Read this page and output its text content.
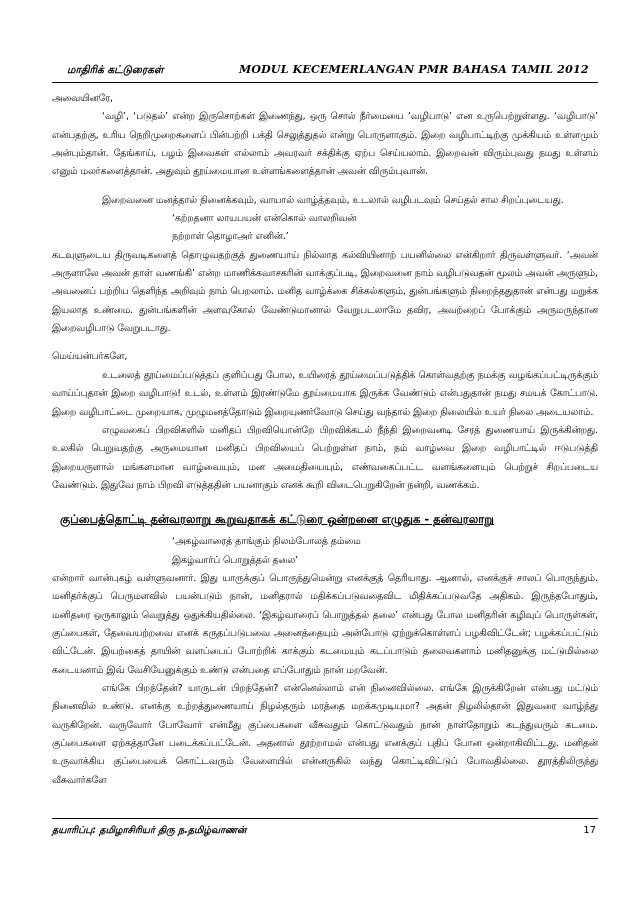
மாதிரிக் கட்டுரைகள்	MODUL KECEMERLANGAN PMR BAHASA TAMIL 2012

அவையினரே,

‘வழி’, ‘படுதல்’ என்ற இருசொற்கள் இணைந்து, ஒரு சொல் நீர்மையை ‘வழிபாடு’ என உருபெற்றுள்ளது. ‘வழிபாடு’ என்பதற்கு, உரிய நெறிமுறைகளைப் பின்பற்றி பக்தி செலுத்துதல் என்று பொருளாகும். இறை வழிபாட்டிற்கு முக்கியம் உள்ளமும் அன்பும்தான். தேங்காய், பழம் இவைகள் எல்லாம் அவரவர் சக்திக்கு ஏற்ப செய்யலாம். இறைவன் விரும்புவது நமது உள்ளம் எனும் மலர்களைத்தான். அதுவும் தூய்மையான உள்ளங்களைத்தான் அவன் விரும்புவான்.

இறைவனை மனத்தால் நினைக்கவும், வாயால் வாழ்த்தவும், உடலால் வழிபடவும் செய்தல் சால சிறப்புடையது.

‘கற்றதனா லாயபயன் என்கொல் வாலறிவன்
நற்றாள் தொழாஅர் எனின்.’

கடவுளுடைய திருவடிகளைத் தொழுவதற்குத் துணையாய் நில்லாத கல்வியினாற் பயனில்லை என்கிறார் திருவள்ளுவர். ‘அவன் அருளாலே அவன் தாள் வணங்கி’ என்ற மாணிக்கவாசகரின் வாக்குப்படி, இறைவனை நாம் வழிபடுவதன் மூலம் அவன் அருளும், அவனைப் பற்றிய தெளிந்த அறிவும் நாம் பெறலாம். மனித வாழ்க்கை சிக்கல்களும், துன்பங்களும் நிறைந்ததுதான் என்பது மறுக்க இயலாத உண்மை. துன்பங்களின் அளவுகோல் வேண்டுமானால் வேறுபடலாமே தவிர, அவற்றைப் போக்கும் அருமருந்தான இறைவழிபாடு வேறுபடாது.

மெய்யன்பர்களே,

உடலைத் தூய்மைப்படுத்தப் குளிப்பது போல, உயிரைத் தூய்மைப்படுத்திக் கொள்வதற்கு நமக்கு வழங்கப்பட்டிருக்கும் வாய்ப்புதான் இறை வழிபாடு! உடல், உள்ளம் இரண்டுமே தூய்மையாக இருக்க வேண்டும் என்பதுதான் நமது சமயக் கோட்பாடு. இறை வழிபாட்டை முறையாக, முழுமனத்தோடும் இறையுணர்வோடு செய்து வந்தால் இறை நிலையில் உயர் நிலை அடையலாம்.

எழுவகைப் பிறவிகளில் மனிதப் பிறவியொன்றே பிறவிக்கடல் நீந்தி இறைவனடி சேரத் துணையாய் இருக்கின்றது. உலகில் பெறுவதற்கு அருமையான மனிதப் பிறவியைப் பெற்றுள்ள நாம், நம் வாழ்வை இறை வழிபாட்டில் ஈடுபடுத்தி இறையருளால் மங்களமான வாழ்வையும், மன அமைதியையும், எண்வகைப்பட்ட வளங்களையும் பெற்றுச் சிறப்படைய வேண்டும். இதுவே நாம் பிறவி எடுத்ததின் பயனாகும் எனக் கூறி விடைபெறுகிறேன் நன்றி, வணக்கம்.

குப்பைத்தொட்டி தன்வரலாறு கூறுவதாகக் கட்டுரை ஒன்றனை எழுதுக - தன்வரலாறு

‘அகழ்வாரைத் தாங்கும் நிலம்போலத் தம்மை
இகழ்வார்ப் பொறுத்தல் தலை’

என்றார் வான்புகழ் வள்ளுவனார். இது யாருக்குப் பொருந்துமென்று எனக்குத் தெரியாது. ஆனால், எனக்குச் சாலப் பொருந்தும். மனிதர்க்குப் பெருமளவில் பயன்படும் நான், மனிதரால் மதிக்கப்படுவதைவிட மிதிக்கப்படுவதே அதிகம். இருந்தபோதும், மனிதரை ஒருகாலும் வெறுத்து ஒதுக்கியதில்லை. ‘இகழ்வாரைப் பொறுத்தல் தலை’ என்பது போல மனிதரின் கழிவுப் பொருள்கள், குப்பைகள், தேவையற்றவை எனக் கருதப்படுபவை அனைத்தையும் அன்போடு ஏற்றுக்கொள்ளப் பழகிவிட்டேன்; பழக்கப்பட்டும் விட்டேன். இயற்கைத் தாயின் வளப்பைப் போற்றிக் காக்கும் கடமையும் கடப்பாடும் தலைவகளாம் மனிதனுக்கு மட்டுமில்லை கடையனாம் இவ் வேசியேனுக்கும் உண்டு என்பதை எப்போதும் நான் மறவேன்.

எங்கே பிறந்தேன்? யாருடன் பிறந்தேன்? என்னெல்லாம் என் நினைவில்லை. எங்கே இருக்கிறேன் என்பது மட்டும் நினைவில் உண்டு. எனக்கு உற்றத்துணையாய் நிழல்தரும் மரத்தை மறக்கமுடியுமா? அதன் நிழலில்தான் இதுவரை வாழ்ந்து வருகிறேன். வருவோர் போவோர் என்மீது குப்பைகளை வீசுவதும் கொட்டுவதும் நான் நாள்தோறும் கடந்துவரும் கடமை. குப்பைகளை ஏற்கத்தானே படைக்கப்பட்டேன். அதனால் தூற்றாமல் என்பது எனக்குப் புதிப் போன ஒன்றாகிவிட்டது. மனிதன் உருவாக்கிய குப்பையைக் கொட்டவரும் வேளையில் என்னருகில் வந்து கொட்டிவிட்டுப் போவதில்லை. தூரத்திலிருந்து வீசுவார்களே

தயாரிப்பு: தமிழாசிரியர் திரு ந.தமிழ்வாணன்	17
